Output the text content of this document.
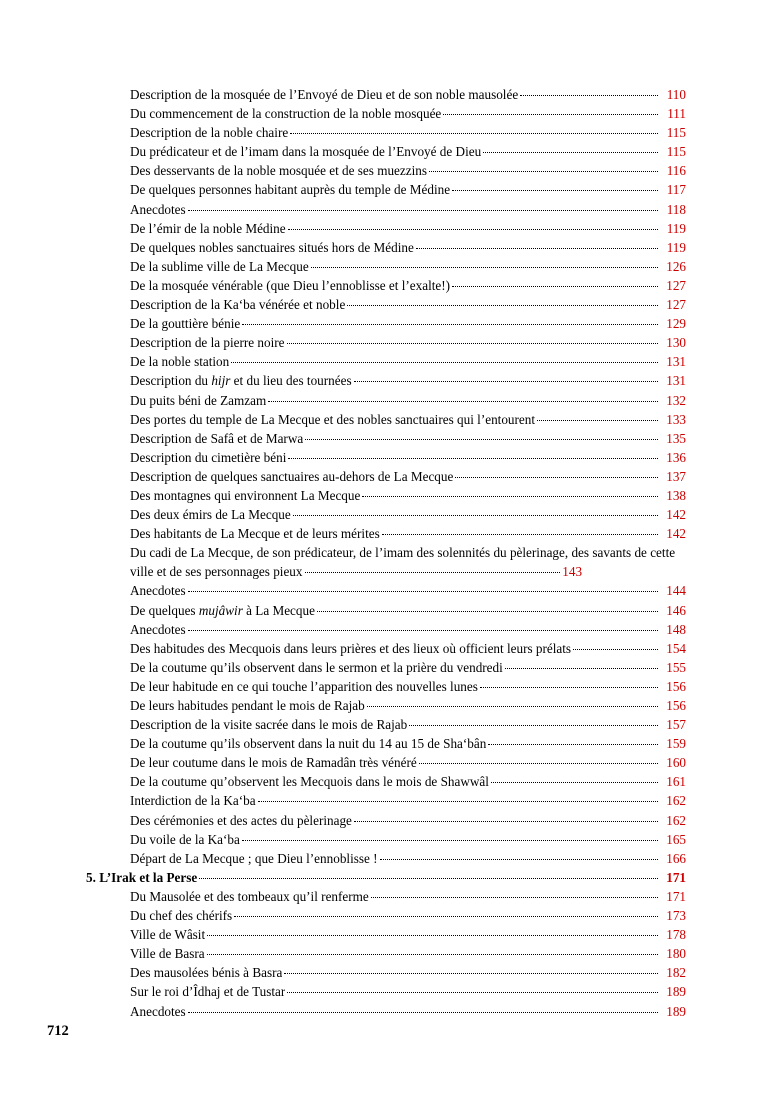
Description de la mosquée de l’Envoyé de Dieu et de son noble mausolée	110
Du commencement de la construction de la noble mosquée	111
Description de la noble chaire	115
Du prédicateur et de l’imam dans la mosquée de l’Envoyé de Dieu	115
Des desservants de la noble mosquée et de ses muezzins	116
De quelques personnes habitant auprès du temple de Médine	117
Anecdotes	118
De l’émir de la noble Médine	119
De quelques nobles sanctuaires situés hors de Médine	119
De la sublime ville de La Mecque	126
De la mosquée vénérable (que Dieu l’ennoblisse et l’exalte!)	127
Description de la Ka‘ba vénérée et noble	127
De la gouttière bénie	129
Description de la pierre noire	130
De la noble station	131
Description du hijr et du lieu des tournées	131
Du puits béni de Zamzam	132
Des portes du temple de La Mecque et des nobles sanctuaires qui l’entourent	133
Description de Safâ et de Marwa	135
Description du cimetière béni	136
Description de quelques sanctuaires au-dehors de La Mecque	137
Des montagnes qui environnent La Mecque	138
Des deux émirs de La Mecque	142
Des habitants de La Mecque et de leurs mérites	142
Du cadi de La Mecque, de son prédicateur, de l’imam des solennités du pèlerinage, des savants de cette ville et de ses personnages pieux	143
Anecdotes	144
De quelques mujâwir à La Mecque	146
Anecdotes	148
Des habitudes des Mecquois dans leurs prières et des lieux où officient leurs prélats	154
De la coutume qu’ils observent dans le sermon et la prière du vendredi	155
De leur habitude en ce qui touche l’apparition des nouvelles lunes	156
De leurs habitudes pendant le mois de Rajab	156
Description de la visite sacrée dans le mois de Rajab	157
De la coutume qu’ils observent dans la nuit du 14 au 15 de Sha‘bân	159
De leur coutume dans le mois de Ramadân très vénéré	160
De la coutume qu’observent les Mecquois dans le mois de Shawwâl	161
Interdiction de la Ka‘ba	162
Des cérémonies et des actes du pèlerinage	162
Du voile de la Ka‘ba	165
Départ de La Mecque ; que Dieu l’ennoblisse !	166
5. L’Irak et la Perse	171
Du Mausolée et des tombeaux qu’il renferme	171
Du chef des chérifs	173
Ville de Wâsit	178
Ville de Basra	180
Des mausolées bénis à Basra	182
Sur le roi d’Îdhaj et de Tustar	189
Anecdotes	189
712
